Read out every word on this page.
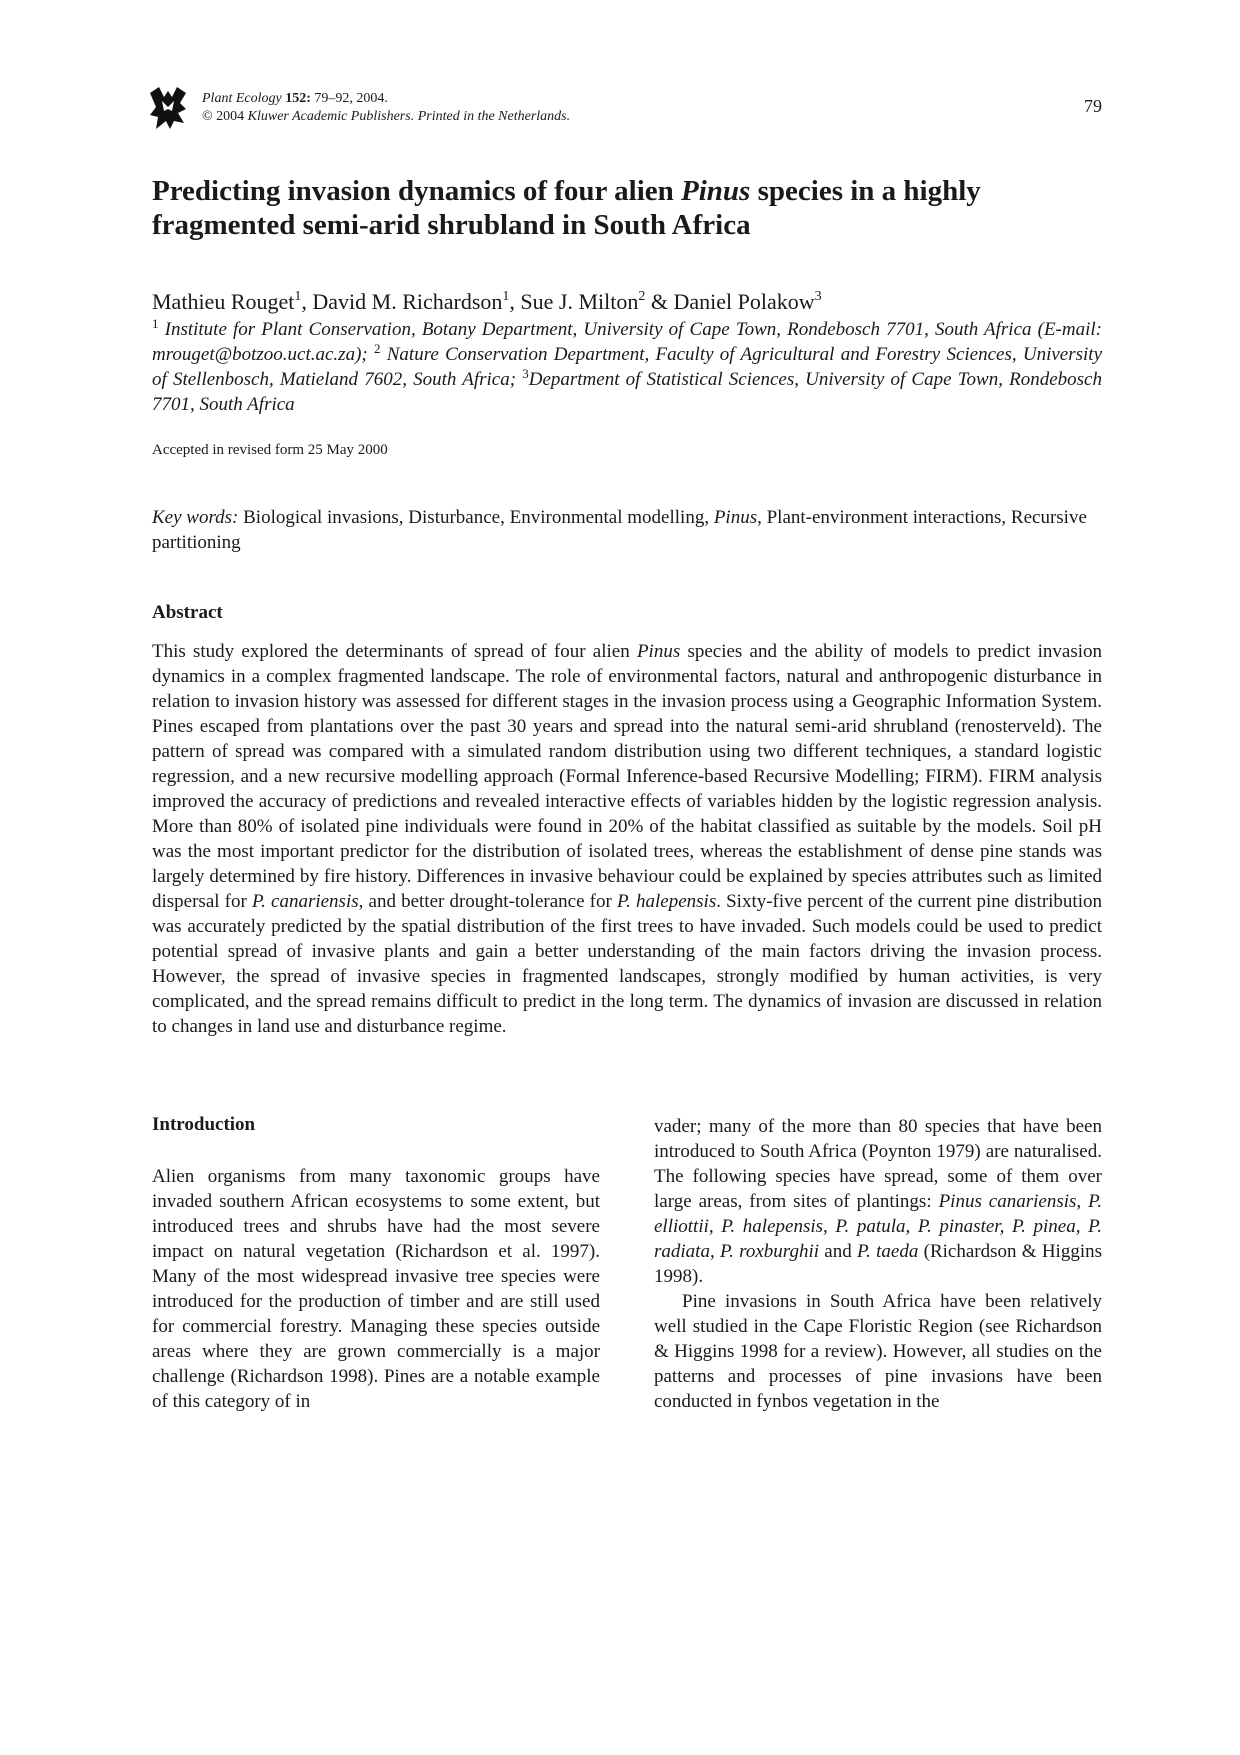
Plant Ecology 152: 79–92, 2004.
© 2004 Kluwer Academic Publishers. Printed in the Netherlands.
79
Predicting invasion dynamics of four alien Pinus species in a highly fragmented semi-arid shrubland in South Africa
Mathieu Rouget$^1$, David M. Richardson$^1$, Sue J. Milton$^2$ & Daniel Polakow$^3$
$^1$ Institute for Plant Conservation, Botany Department, University of Cape Town, Rondebosch 7701, South Africa (E-mail: mrouget@botzoo.uct.ac.za); $^2$ Nature Conservation Department, Faculty of Agricultural and Forestry Sciences, University of Stellenbosch, Matieland 7602, South Africa; $^3$Department of Statistical Sciences, University of Cape Town, Rondebosch 7701, South Africa
Accepted in revised form 25 May 2000
Key words: Biological invasions, Disturbance, Environmental modelling, Pinus, Plant-environment interactions, Recursive partitioning
Abstract

This study explored the determinants of spread of four alien Pinus species and the ability of models to predict invasion dynamics in a complex fragmented landscape. The role of environmental factors, natural and anthropogenic disturbance in relation to invasion history was assessed for different stages in the invasion process using a Geographic Information System. Pines escaped from plantations over the past 30 years and spread into the natural semi-arid shrubland (renosterveld). The pattern of spread was compared with a simulated random distribution using two different techniques, a standard logistic regression, and a new recursive modelling approach (Formal Inference-based Recursive Modelling; FIRM). FIRM analysis improved the accuracy of predictions and revealed interactive effects of variables hidden by the logistic regression analysis. More than 80% of isolated pine individuals were found in 20% of the habitat classified as suitable by the models. Soil pH was the most important predictor for the distribution of isolated trees, whereas the establishment of dense pine stands was largely determined by fire history. Differences in invasive behaviour could be explained by species attributes such as limited dispersal for P. canariensis, and better drought-tolerance for P. halepensis. Sixty-five percent of the current pine distribution was accurately predicted by the spatial distribution of the first trees to have invaded. Such models could be used to predict potential spread of invasive plants and gain a better understanding of the main factors driving the invasion process. However, the spread of invasive species in fragmented landscapes, strongly modified by human activities, is very complicated, and the spread remains difficult to predict in the long term. The dynamics of invasion are discussed in relation to changes in land use and disturbance regime.

Introduction

Alien organisms from many taxonomic groups have invaded southern African ecosystems to some extent, but introduced trees and shrubs have had the most severe impact on natural vegetation (Richardson et al. 1997). Many of the most widespread invasive tree species were introduced for the production of timber and are still used for commercial forestry. Managing these species outside areas where they are grown commercially is a major challenge (Richardson 1998). Pines are a notable example of this category of in

vader; many of the more than 80 species that have been introduced to South Africa (Poynton 1979) are naturalised. The following species have spread, some of them over large areas, from sites of plantings: Pinus canariensis, P. elliottii, P. halepensis, P. patula, P. pinaster, P. pinea, P. radiata, P. roxburghii and P. taeda (Richardson & Higgins 1998).

Pine invasions in South Africa have been relatively well studied in the Cape Floristic Region (see Richardson & Higgins 1998 for a review). However, all studies on the patterns and processes of pine invasions have been conducted in fynbos vegetation in the
